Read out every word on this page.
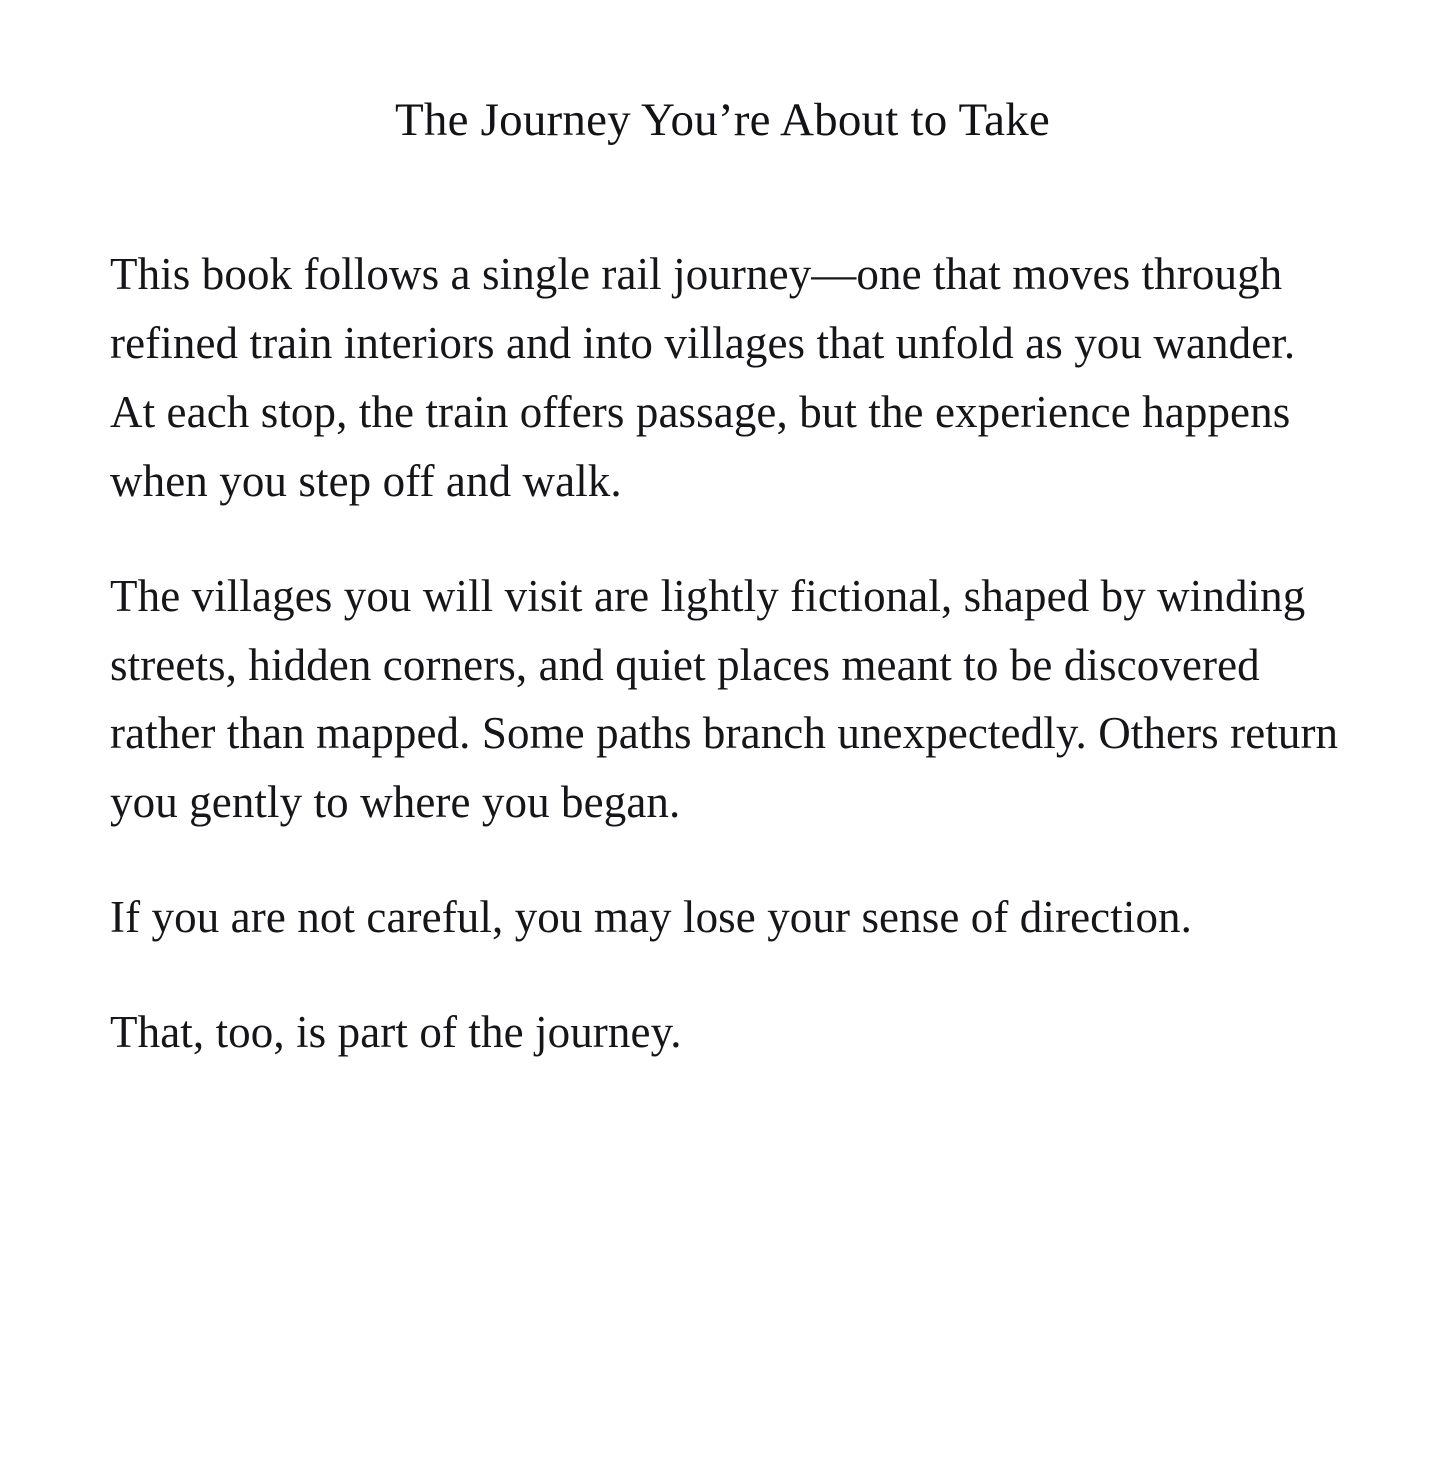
The Journey You’re About to Take

This book follows a single rail journey—one that moves through refined train interiors and into villages that unfold as you wander. At each stop, the train offers passage, but the experience happens when you step off and walk.

The villages you will visit are lightly fictional, shaped by winding streets, hidden corners, and quiet places meant to be discovered rather than mapped. Some paths branch unexpectedly. Others return you gently to where you began.

If you are not careful, you may lose your sense of direction.

That, too, is part of the journey.
